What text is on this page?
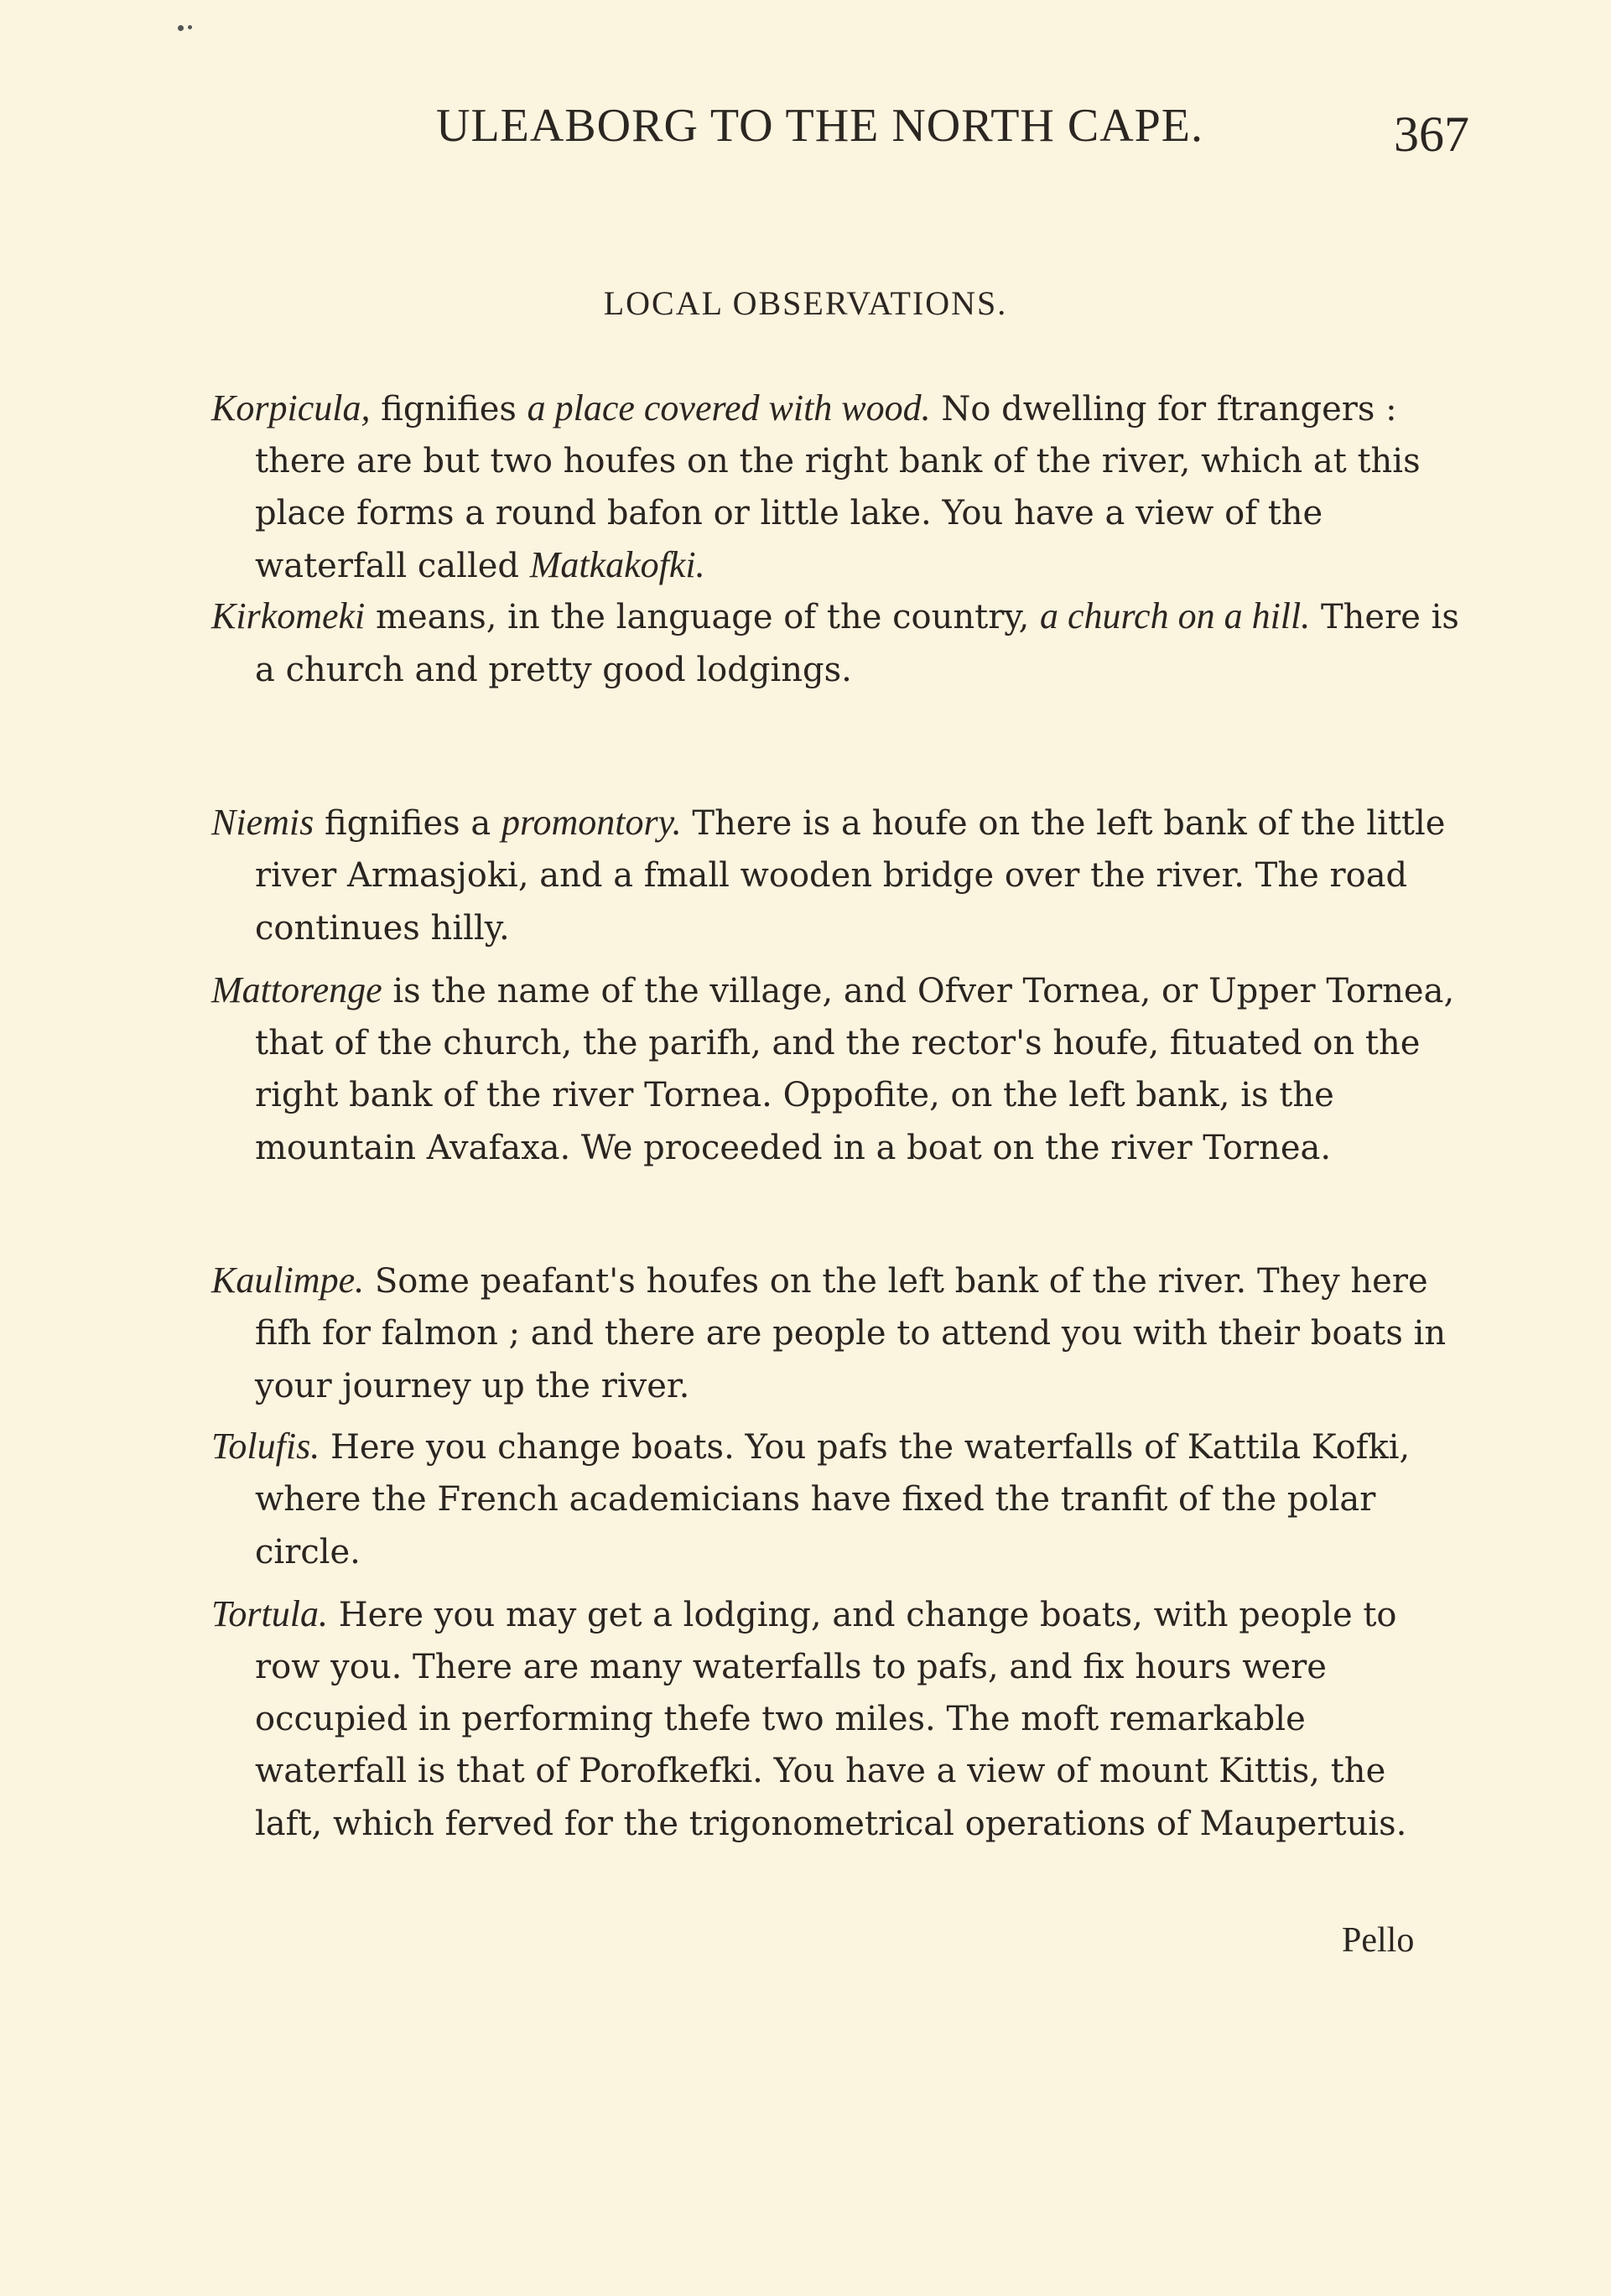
ULEABORG TO THE NORTH CAPE.	367
LOCAL OBSERVATIONS.

Korpicula, fignifies a place covered with wood. No dwelling for ftrangers : there are but two houfes on the right bank of the river, which at this place forms a round bafon or little lake. You have a view of the waterfall called Matkakofki.

Kirkomeki means, in the language of the country, a church on a hill. There is a church and pretty good lodgings.

Niemis fignifies a promontory. There is a houfe on the left bank of the little river Armasjoki, and a fmall wooden bridge over the river. The road continues hilly.

Mattorenge is the name of the village, and Ofver Tornea, or Upper Tornea, that of the church, the parifh, and the rector's houfe, fituated on the right bank of the river Tornea. Oppofite, on the left bank, is the mountain Avafaxa. We proceeded in a boat on the river Tornea.

Kaulimpe. Some peafant's houfes on the left bank of the river. They here fifh for falmon ; and there are people to attend you with their boats in your journey up the river.

Tolufis. Here you change boats. You pafs the waterfalls of Kattila Kofki, where the French academicians have fixed the tranfit of the polar circle.

Tortula. Here you may get a lodging, and change boats, with people to row you. There are many waterfalls to pafs, and fix hours were occupied in performing thefe two miles. The moft remarkable waterfall is that of Porofkefki. You have a view of mount Kittis, the laft, which ferved for the trigonometrical operations of Maupertuis.

Pello
